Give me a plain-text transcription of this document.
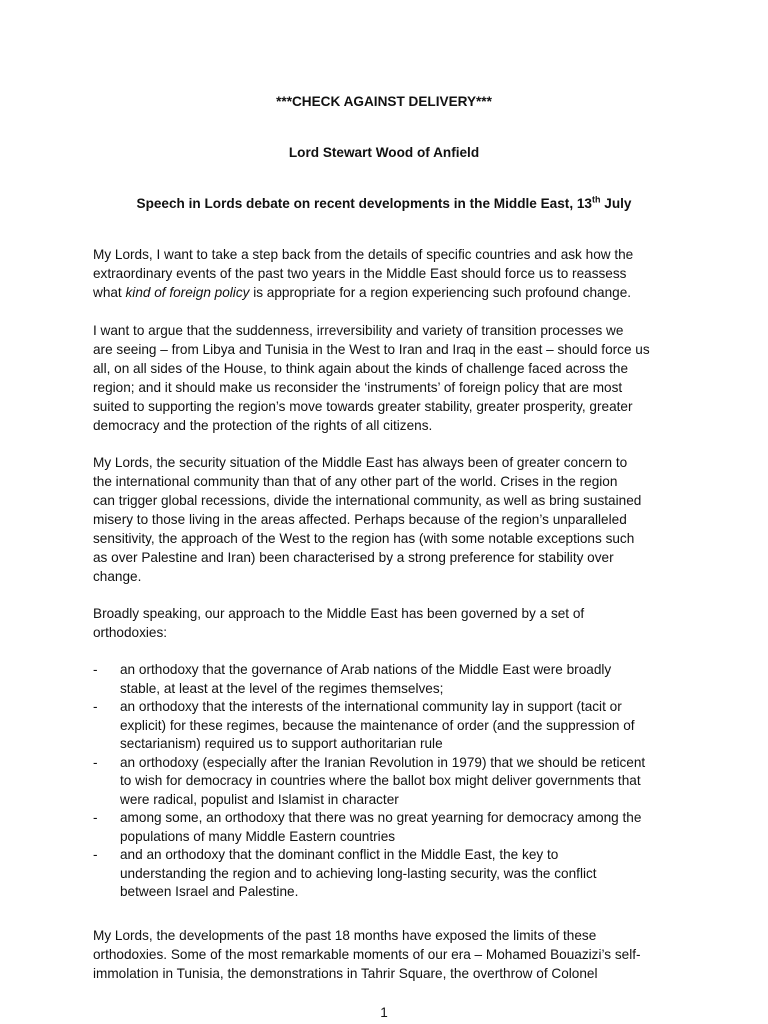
***CHECK AGAINST DELIVERY***
Lord Stewart Wood of Anfield
Speech in Lords debate on recent developments in the Middle East, 13th July
My Lords, I want to take a step back from the details of specific countries and ask how the
extraordinary events of the past two years in the Middle East should force us to reassess
what kind of foreign policy is appropriate for a region experiencing such profound change.
I want to argue that the suddenness, irreversibility and variety of transition processes we
are seeing – from Libya and Tunisia in the West to Iran and Iraq in the east – should force us
all, on all sides of the House, to think again about the kinds of challenge faced across the
region; and it should make us reconsider the ‘instruments’ of foreign policy that are most
suited to supporting the region’s move towards greater stability, greater prosperity, greater
democracy and the protection of the rights of all citizens.
My Lords, the security situation of the Middle East has always been of greater concern to
the international community than that of any other part of the world. Crises in the region
can trigger global recessions, divide the international community, as well as bring sustained
misery to those living in the areas affected. Perhaps because of the region’s unparalleled
sensitivity, the approach of the West to the region has (with some notable exceptions such
as over Palestine and Iran) been characterised by a strong preference for stability over
change.
Broadly speaking, our approach to the Middle East has been governed by a set of
orthodoxies:
- an orthodoxy that the governance of Arab nations of the Middle East were broadly
stable, at least at the level of the regimes themselves;
- an orthodoxy that the interests of the international community lay in support (tacit or
explicit) for these regimes, because the maintenance of order (and the suppression of
sectarianism) required us to support authoritarian rule
- an orthodoxy (especially after the Iranian Revolution in 1979) that we should be reticent
to wish for democracy in countries where the ballot box might deliver governments that
were radical, populist and Islamist in character
- among some, an orthodoxy that there was no great yearning for democracy among the
populations of many Middle Eastern countries
- and an orthodoxy that the dominant conflict in the Middle East, the key to
understanding the region and to achieving long-lasting security, was the conflict
between Israel and Palestine.
My Lords, the developments of the past 18 months have exposed the limits of these
orthodoxies. Some of the most remarkable moments of our era – Mohamed Bouazizi’s self-
immolation in Tunisia, the demonstrations in Tahrir Square, the overthrow of Colonel
1
